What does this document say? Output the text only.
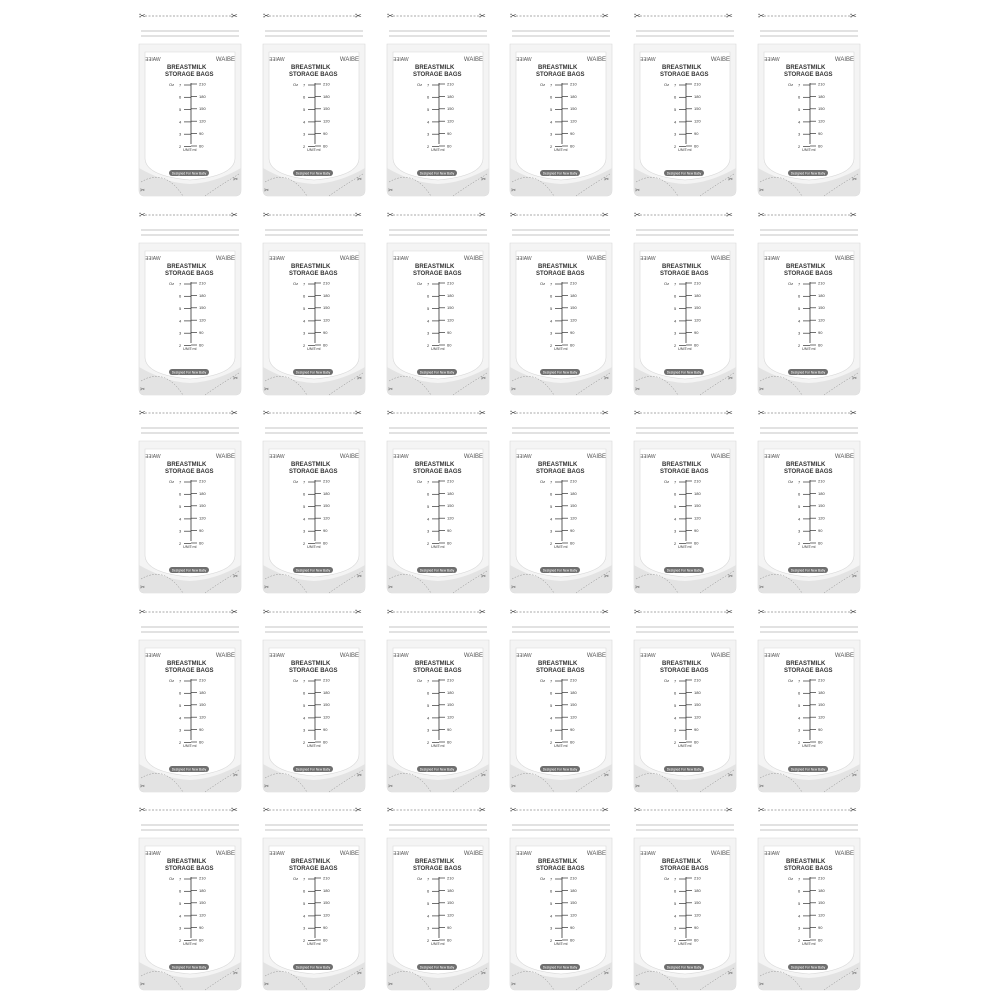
✂	✂
✂
✂
∃∃IAW	WAIBE
BREASTMILK
STORAGE BAGS
Oz 7
6
5
4
3
2
210
180
150
120
90
60
UNIT:ml
Designed For New Baby
✂	✂
✂
✂
∃∃IAW	WAIBE
BREASTMILK
STORAGE BAGS
Oz 7
6
5
4
3
2
210
180
150
120
90
60
UNIT:ml
Designed For New Baby
✂	✂
✂
✂
∃∃IAW	WAIBE
BREASTMILK
STORAGE BAGS
Oz 7
6
5
4
3
2
210
180
150
120
90
60
UNIT:ml
Designed For New Baby
✂	✂
✂
✂
∃∃IAW	WAIBE
BREASTMILK
STORAGE BAGS
Oz 7
6
5
4
3
2
210
180
150
120
90
60
UNIT:ml
Designed For New Baby
✂	✂
✂
✂
∃∃IAW	WAIBE
BREASTMILK
STORAGE BAGS
Oz 7
6
5
4
3
2
210
180
150
120
90
60
UNIT:ml
Designed For New Baby
✂	✂
✂
✂
∃∃IAW	WAIBE
BREASTMILK
STORAGE BAGS
Oz 7
6
5
4
3
2
210
180
150
120
90
60
UNIT:ml
Designed For New Baby
✂	✂
✂
✂
∃∃IAW	WAIBE
BREASTMILK
STORAGE BAGS
Oz 7
6
5
4
3
2
210
180
150
120
90
60
UNIT:ml
Designed For New Baby
✂	✂
✂
✂
∃∃IAW	WAIBE
BREASTMILK
STORAGE BAGS
Oz 7
6
5
4
3
2
210
180
150
120
90
60
UNIT:ml
Designed For New Baby
✂	✂
✂
✂
∃∃IAW	WAIBE
BREASTMILK
STORAGE BAGS
Oz 7
6
5
4
3
2
210
180
150
120
90
60
UNIT:ml
Designed For New Baby
✂	✂
✂
✂
∃∃IAW	WAIBE
BREASTMILK
STORAGE BAGS
Oz 7
6
5
4
3
2
210
180
150
120
90
60
UNIT:ml
Designed For New Baby
✂	✂
✂
✂
∃∃IAW	WAIBE
BREASTMILK
STORAGE BAGS
Oz 7
6
5
4
3
2
210
180
150
120
90
60
UNIT:ml
Designed For New Baby
✂	✂
✂
✂
∃∃IAW	WAIBE
BREASTMILK
STORAGE BAGS
Oz 7
6
5
4
3
2
210
180
150
120
90
60
UNIT:ml
Designed For New Baby
✂	✂
✂
✂
∃∃IAW	WAIBE
BREASTMILK
STORAGE BAGS
Oz 7
6
5
4
3
2
210
180
150
120
90
60
UNIT:ml
Designed For New Baby
✂	✂
✂
✂
∃∃IAW	WAIBE
BREASTMILK
STORAGE BAGS
Oz 7
6
5
4
3
2
210
180
150
120
90
60
UNIT:ml
Designed For New Baby
✂	✂
✂
✂
∃∃IAW	WAIBE
BREASTMILK
STORAGE BAGS
Oz 7
6
5
4
3
2
210
180
150
120
90
60
UNIT:ml
Designed For New Baby
✂	✂
✂
✂
∃∃IAW	WAIBE
BREASTMILK
STORAGE BAGS
Oz 7
6
5
4
3
2
210
180
150
120
90
60
UNIT:ml
Designed For New Baby
✂	✂
✂
✂
∃∃IAW	WAIBE
BREASTMILK
STORAGE BAGS
Oz 7
6
5
4
3
2
210
180
150
120
90
60
UNIT:ml
Designed For New Baby
✂	✂
✂
✂
∃∃IAW	WAIBE
BREASTMILK
STORAGE BAGS
Oz 7
6
5
4
3
2
210
180
150
120
90
60
UNIT:ml
Designed For New Baby
✂	✂
✂
✂
∃∃IAW	WAIBE
BREASTMILK
STORAGE BAGS
Oz 7
6
5
4
3
2
210
180
150
120
90
60
UNIT:ml
Designed For New Baby
✂	✂
✂
✂
∃∃IAW	WAIBE
BREASTMILK
STORAGE BAGS
Oz 7
6
5
4
3
2
210
180
150
120
90
60
UNIT:ml
Designed For New Baby
✂	✂
✂
✂
∃∃IAW	WAIBE
BREASTMILK
STORAGE BAGS
Oz 7
6
5
4
3
2
210
180
150
120
90
60
UNIT:ml
Designed For New Baby
✂	✂
✂
✂
∃∃IAW	WAIBE
BREASTMILK
STORAGE BAGS
Oz 7
6
5
4
3
2
210
180
150
120
90
60
UNIT:ml
Designed For New Baby
✂	✂
✂
✂
∃∃IAW	WAIBE
BREASTMILK
STORAGE BAGS
Oz 7
6
5
4
3
2
210
180
150
120
90
60
UNIT:ml
Designed For New Baby
✂	✂
✂
✂
∃∃IAW	WAIBE
BREASTMILK
STORAGE BAGS
Oz 7
6
5
4
3
2
210
180
150
120
90
60
UNIT:ml
Designed For New Baby
✂	✂
✂
✂
∃∃IAW	WAIBE
BREASTMILK
STORAGE BAGS
Oz 7
6
5
4
3
2
210
180
150
120
90
60
UNIT:ml
Designed For New Baby
✂	✂
✂
✂
∃∃IAW	WAIBE
BREASTMILK
STORAGE BAGS
Oz 7
6
5
4
3
2
210
180
150
120
90
60
UNIT:ml
Designed For New Baby
✂	✂
✂
✂
∃∃IAW	WAIBE
BREASTMILK
STORAGE BAGS
Oz 7
6
5
4
3
2
210
180
150
120
90
60
UNIT:ml
Designed For New Baby
✂	✂
✂
✂
∃∃IAW	WAIBE
BREASTMILK
STORAGE BAGS
Oz 7
6
5
4
3
2
210
180
150
120
90
60
UNIT:ml
Designed For New Baby
✂	✂
✂
✂
∃∃IAW	WAIBE
BREASTMILK
STORAGE BAGS
Oz 7
6
5
4
3
2
210
180
150
120
90
60
UNIT:ml
Designed For New Baby
✂	✂
✂
✂
∃∃IAW	WAIBE
BREASTMILK
STORAGE BAGS
Oz 7
6
5
4
3
2
210
180
150
120
90
60
UNIT:ml
Designed For New Baby
